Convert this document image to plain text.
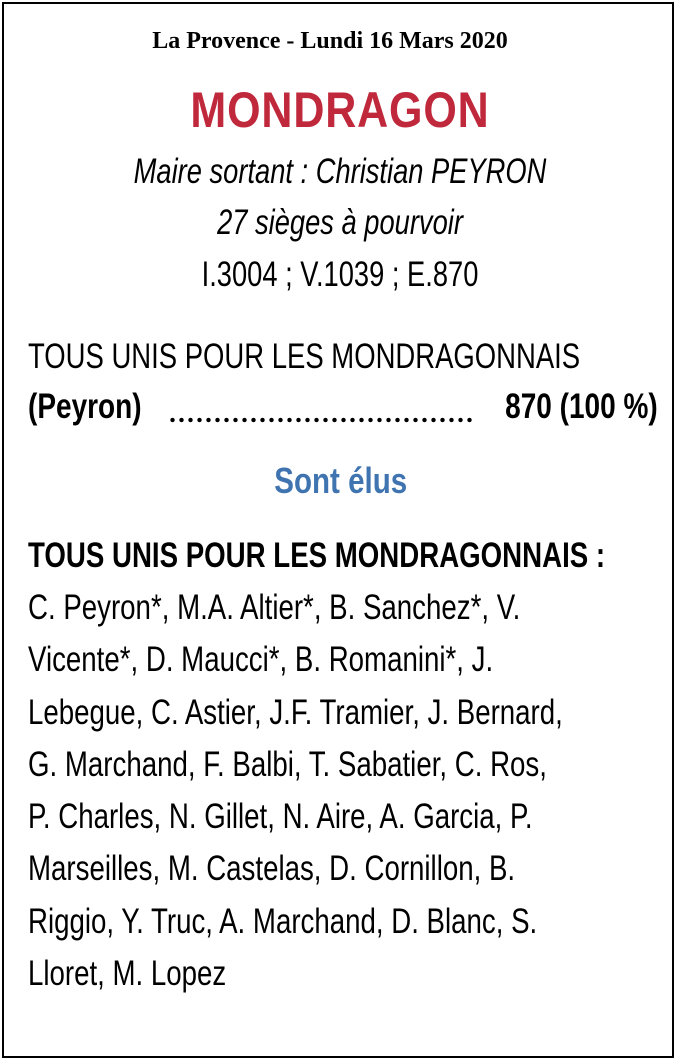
La Provence - Lundi 16 Mars 2020
MONDRAGON
Maire sortant : Christian PEYRON
27 sièges à pourvoir
I.3004 ; V.1039 ; E.870
TOUS UNIS POUR LES MONDRAGONNAIS
(Peyron)	870 (100 %)
Sont élus
TOUS UNIS POUR LES MONDRAGONNAIS :
C. Peyron*, M.A. Altier*, B. Sanchez*, V.
Vicente*, D. Maucci*, B. Romanini*, J.
Lebegue, C. Astier, J.F. Tramier, J. Bernard,
G. Marchand, F. Balbi, T. Sabatier, C. Ros,
P. Charles, N. Gillet, N. Aire, A. Garcia, P.
Marseilles, M. Castelas, D. Cornillon, B.
Riggio, Y. Truc, A. Marchand, D. Blanc, S.
Lloret, M. Lopez
